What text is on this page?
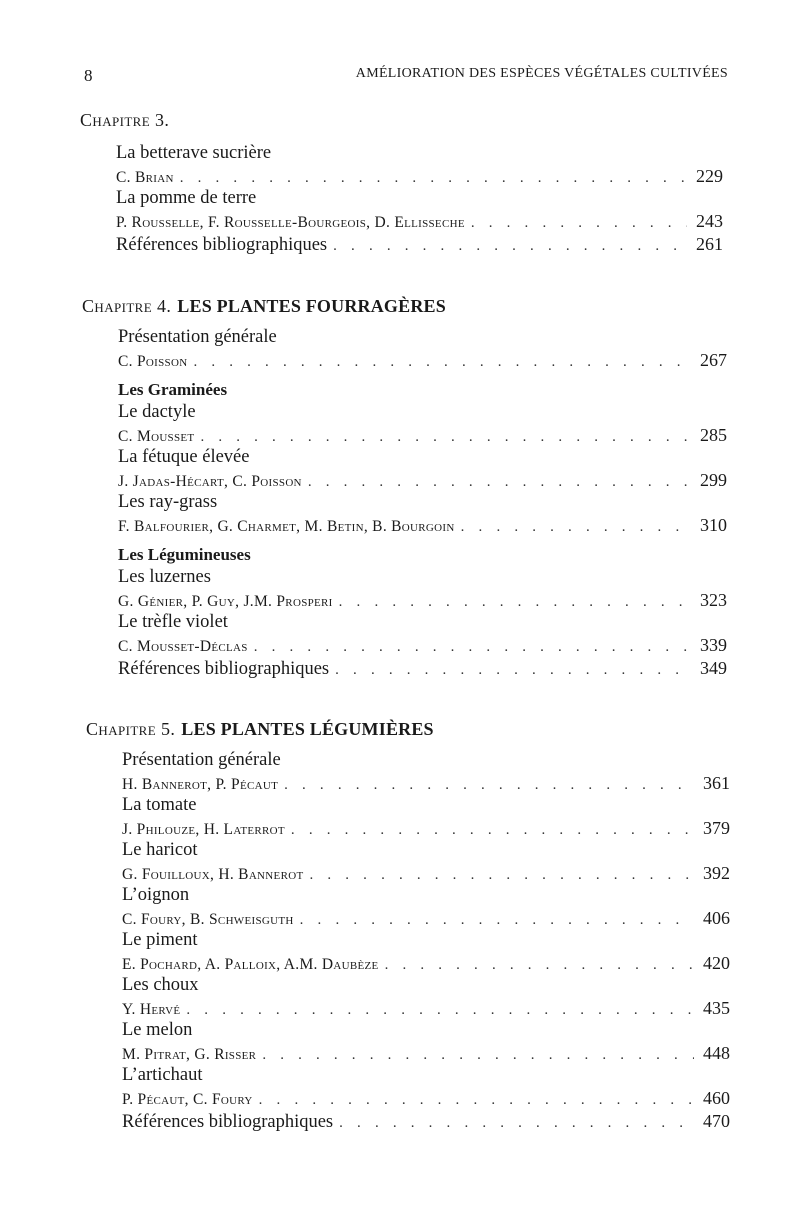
8	AMÉLIORATION DES ESPÈCES VÉGÉTALES CULTIVÉES
Chapitre 3.
La betterave sucrière
C. Brian . . .	229
La pomme de terre
P. Rousselle, F. Rousselle-Bourgeois, D. Ellisseche . . .	243
Références bibliographiques . . .	261
Chapitre 4. LES PLANTES FOURRAGÈRES
Présentation générale
C. Poisson . . .	267
Les Graminées
Le dactyle
C. Mousset . . .	285
La fétuque élevée
J. Jadas-Hécart, C. Poisson . . .	299
Les ray-grass
F. Balfourier, G. Charmet, M. Betin, B. Bourgoin . . .	310
Les Légumineuses
Les luzernes
G. Génier, P. Guy, J.M. Prosperi . . .	323
Le trèfle violet
C. Mousset-Déclas . . .	339
Références bibliographiques . . .	349
Chapitre 5. LES PLANTES LÉGUMIÈRES
Présentation générale
H. Bannerot, P. Pécaut . . .	361
La tomate
J. Philouze, H. Laterrot . . .	379
Le haricot
G. Fouilloux, H. Bannerot . . .	392
L’oignon
C. Foury, B. Schweisguth . . .	406
Le piment
E. Pochard, A. Palloix, A.M. Daubèze . . .	420
Les choux
Y. Hervé . . .	435
Le melon
M. Pitrat, G. Risser . . .	448
L’artichaut
P. Pécaut, C. Foury . . .	460
Références bibliographiques . . .	470
